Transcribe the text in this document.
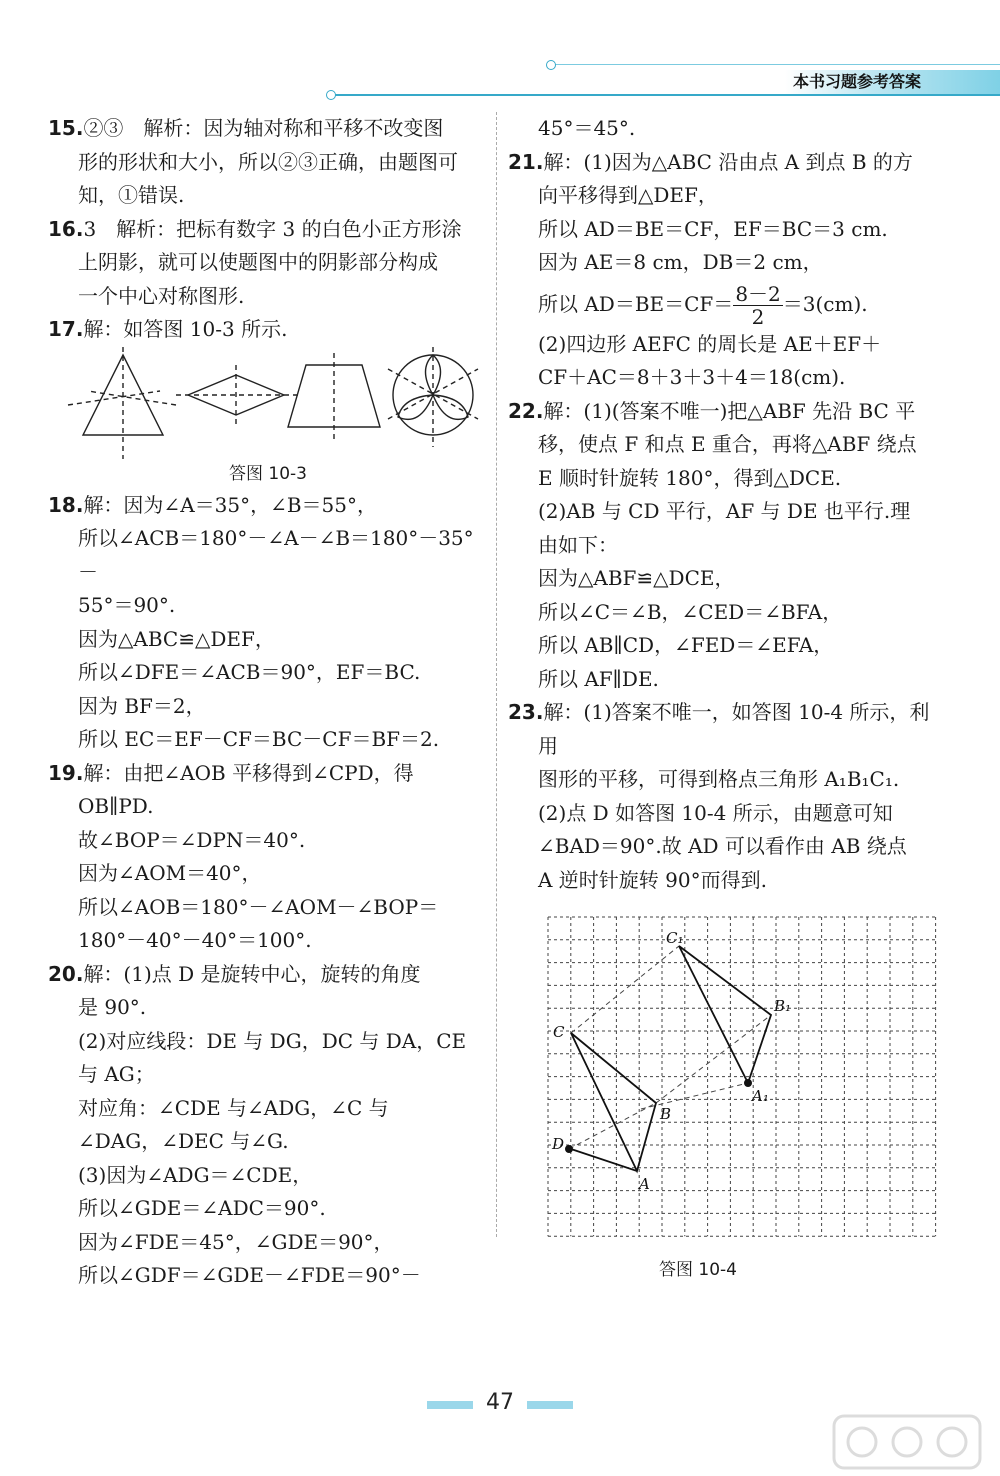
本书习题参考答案

15.②③　解析：因为轴对称和平移不改变图

形的形状和大小，所以②③正确，由题图可

知，①错误.

16.3　解析：把标有数字 3 的白色小正方形涂

上阴影，就可以使题图中的阴影部分构成

一个中心对称图形.

17.解：如答图 10-3 所示.

答图 10-3

18.解：因为∠A＝35°，∠B＝55°，

所以∠ACB＝180°－∠A－∠B＝180°－35°－

55°＝90°.

因为△ABC≌△DEF，

所以∠DFE＝∠ACB＝90°，EF＝BC.

因为 BF＝2，

所以 EC＝EF－CF＝BC－CF＝BF＝2.

19.解：由把∠AOB 平移得到∠CPD，得

OB∥PD.

故∠BOP＝∠DPN＝40°.

因为∠AOM＝40°，

所以∠AOB＝180°－∠AOM－∠BOP＝

180°－40°－40°＝100°.

20.解：(1)点 D 是旋转中心，旋转的角度

是 90°.

(2)对应线段：DE 与 DG，DC 与 DA，CE

与 AG；

对应角：∠CDE 与∠ADG，∠C 与

∠DAG，∠DEC 与∠G.

(3)因为∠ADG＝∠CDE，

所以∠GDE＝∠ADC＝90°.

因为∠FDE＝45°，∠GDE＝90°，

所以∠GDF＝∠GDE－∠FDE＝90°－

45°＝45°.

21.解：(1)因为△ABC 沿由点 A 到点 B 的方

向平移得到△DEF，

所以 AD＝BE＝CF，EF＝BC＝3 cm.

因为 AE＝8 cm，DB＝2 cm，

所以 $AD=BE=CF= \frac{8-2}{2} =3(cm)$.

(2)四边形 AEFC 的周长是 AE＋EF＋

CF＋AC＝8＋3＋3＋4＝18(cm).

22.解：(1)(答案不唯一)把△ABF 先沿 BC 平

移，使点 F 和点 E 重合，再将△ABF 绕点

E 顺时针旋转 180°，得到△DCE.

(2)AB 与 CD 平行，AF 与 DE 也平行.理

由如下：

因为△ABF≌△DCE，

所以∠C＝∠B，∠CED＝∠BFA，

所以 AB∥CD，∠FED＝∠EFA，

所以 AF∥DE.

23.解：(1)答案不唯一，如答图 10-4 所示，利用

图形的平移，可得到格点三角形 A₁B₁C₁.

(2)点 D 如答图 10-4 所示，由题意可知

∠BAD＝90°.故 AD 可以看作由 AB 绕点

A 逆时针旋转 90°而得到.

C₁
B₁
A₁
C
B
D
A
答图 10-4
47
